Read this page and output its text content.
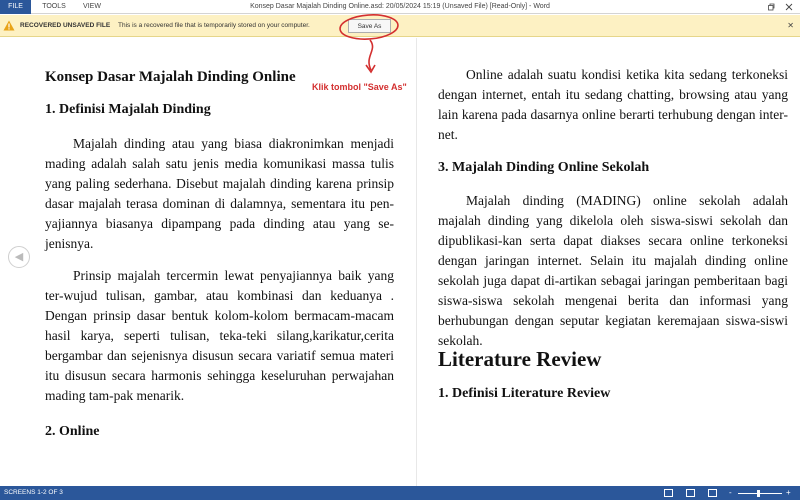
FILE	TOOLS	VIEW	Konsep Dasar Majalah Dinding Online.asd: 20/05/2024 15:19 (Unsaved File) [Read-Only] - Word
RECOVERED UNSAVED FILE This is a recovered file that is temporarily stored on your computer.	Save As	✕
Klik tombol "Save As"
Konsep Dasar Majalah Dinding Online
1. Definisi Majalah Dinding
Majalah dinding atau yang biasa diakronimkan menjadi mading adalah salah satu jenis media komunikasi massa tulis yang paling sederhana. Disebut majalah dinding karena prinsip dasar majalah terasa dominan di dalamnya, sementara itu pen-yajiannya biasanya dipampang pada dinding atau yang se-jenisnya.
Prinsip majalah tercermin lewat penyajiannya baik yang ter-wujud tulisan, gambar, atau kombinasi dan keduanya . Dengan prinsip dasar bentuk kolom-kolom bermacam-macam hasil karya, seperti tulisan, teka-teki silang,karikatur,cerita bergambar dan sejenisnya disusun secara variatif semua materi itu disusun secara harmonis sehingga keseluruhan perwajahan mading tam-pak menarik.
2. Online
Online adalah suatu kondisi ketika kita sedang terkoneksi dengan internet, entah itu sedang chatting, browsing atau yang lain karena pada dasarnya online berarti terhubung dengan inter-net.
3. Majalah Dinding Online Sekolah
Majalah dinding (MADING) online sekolah adalah majalah dinding yang dikelola oleh siswa-siswi sekolah dan dipublikasi-kan serta dapat diakses secara online terkoneksi dengan jaringan internet. Selain itu majalah dinding online sekolah juga dapat di-artikan sebagai jaringan pemberitaan bagi siswa-siswa sekolah mengenai berita dan informasi yang berhubungan dengan seputar kegiatan keremajaan siswa-siswi sekolah.
Literature Review
1. Definisi Literature Review
◀
SCREENS 1-2 OF 3	-	+
